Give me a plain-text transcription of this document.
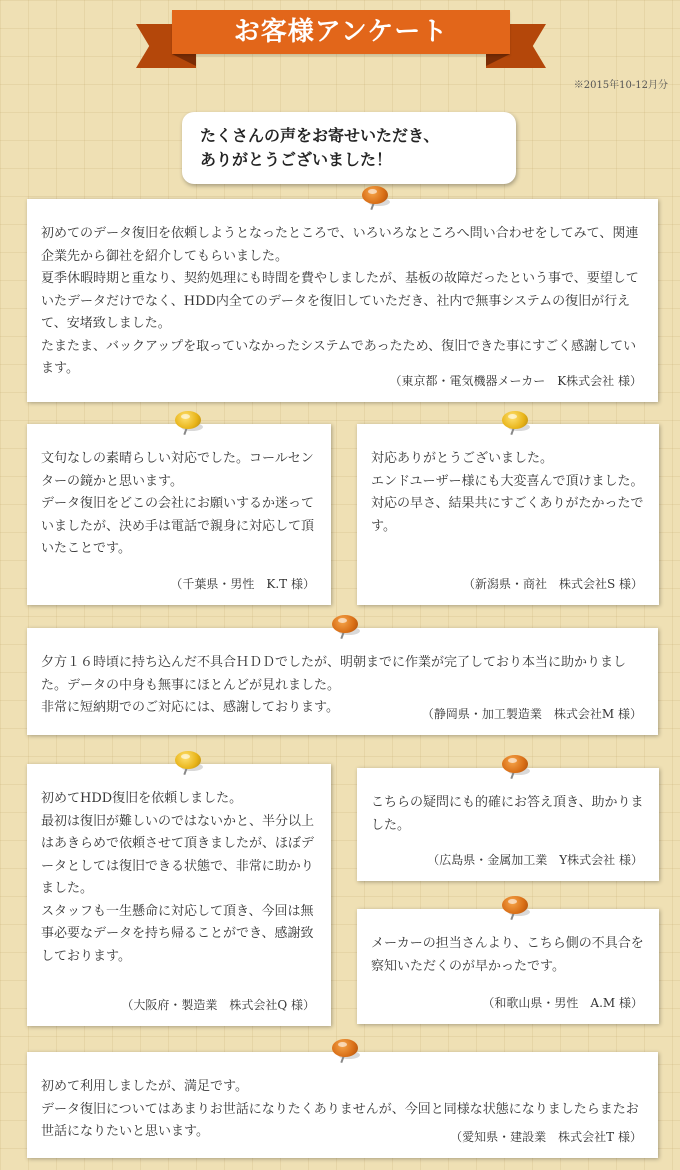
お客様アンケート
※2015年10-12月分
たくさんの声をお寄せいただき、
ありがとうございました！
初めてのデータ復旧を依頼しようとなったところで、いろいろなところへ問い合わせをしてみて、関連企業先から御社を紹介してもらいました。
夏季休暇時期と重なり、契約処理にも時間を費やしましたが、基板の故障だったという事で、要望していたデータだけでなく、HDD内全てのデータを復旧していただき、社内で無事システムの復旧が行えて、安堵致しました。
たまたま、バックアップを取っていなかったシステムであったため、復旧できた事にすごく感謝しています。
（東京都・電気機器メーカー　K株式会社 様）
文句なしの素晴らしい対応でした。コールセンターの鏡かと思います。
データ復旧をどこの会社にお願いするか迷っていましたが、決め手は電話で親身に対応して頂いたことです。
（千葉県・男性　K.T 様）
対応ありがとうございました。
エンドユーザー様にも大変喜んで頂けました。
対応の早さ、結果共にすごくありがたかったです。
（新潟県・商社　株式会社S 様）
夕方１６時頃に持ち込んだ不具合ＨＤＤでしたが、明朝までに作業が完了しており本当に助かりました。データの中身も無事にほとんどが見れました。
非常に短納期でのご対応には、感謝しております。	（静岡県・加工製造業　株式会社M 様）
初めてHDD復旧を依頼しました。
最初は復旧が難しいのではないかと、半分以上はあきらめで依頼させて頂きましたが、ほぼデータとしては復旧できる状態で、非常に助かりました。
スタッフも一生懸命に対応して頂き、今回は無事必要なデータを持ち帰ることができ、感謝致しております。
（大阪府・製造業　株式会社Q 様）
こちらの疑問にも的確にお答え頂き、助かりました。
（広島県・金属加工業　Y株式会社 様）
メーカーの担当さんより、こちら側の不具合を察知いただくのが早かったです。
（和歌山県・男性　A.M 様）
初めて利用しましたが、満足です。
データ復旧についてはあまりお世話になりたくありませんが、今回と同様な状態になりましたらまたお世話になりたいと思います。	（愛知県・建設業　株式会社T 様）
